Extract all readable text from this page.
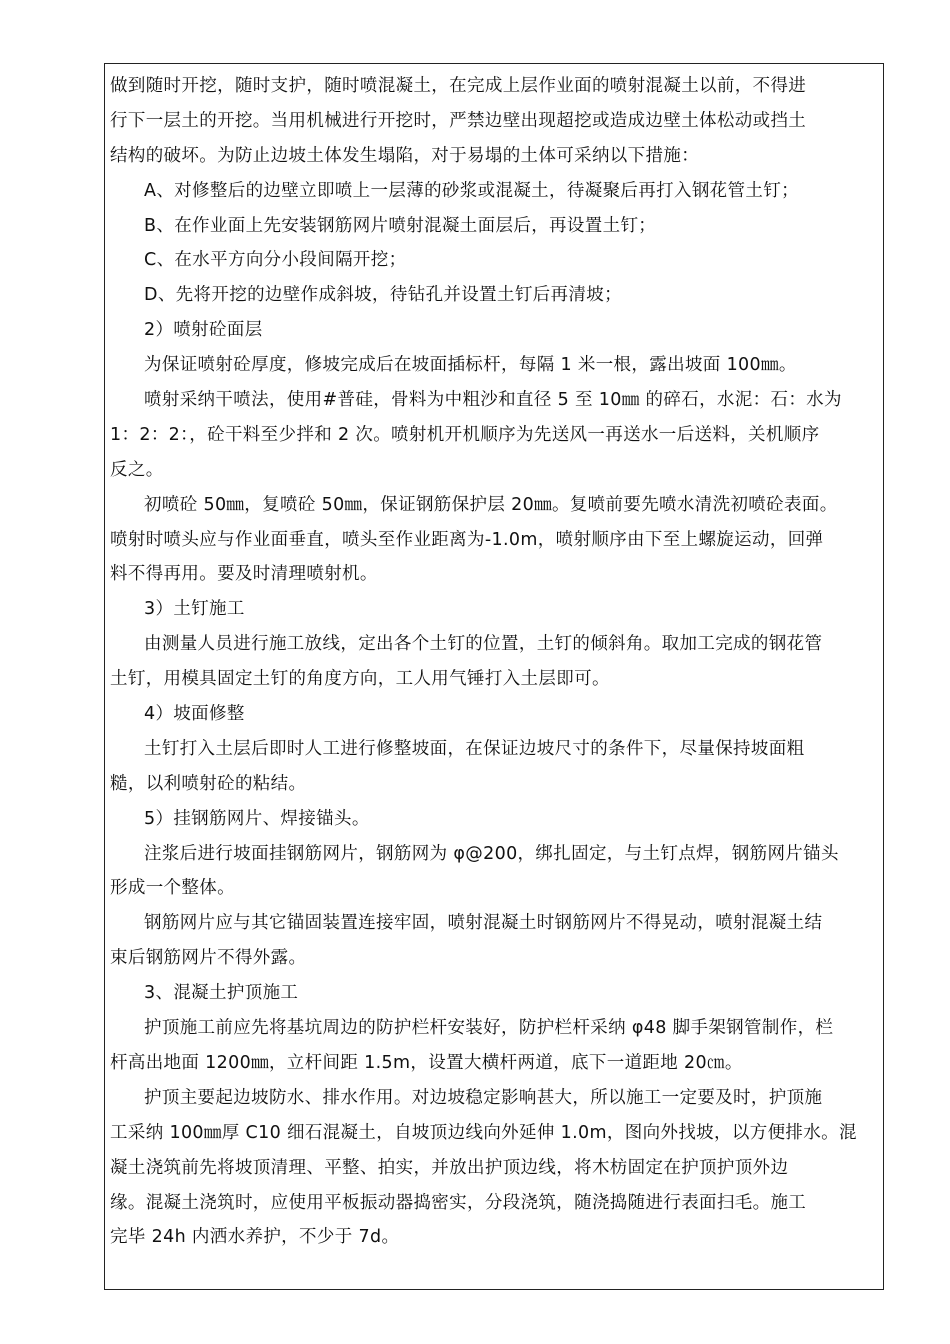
做到随时开挖，随时支护，随时喷混凝土，在完成上层作业面的喷射混凝土以前，不得进
行下一层土的开挖。当用机械进行开挖时，严禁边壁出现超挖或造成边壁土体松动或挡土
结构的破坏。为防止边坡土体发生塌陷，对于易塌的土体可采纳以下措施：
A、对修整后的边壁立即喷上一层薄的砂浆或混凝土，待凝聚后再打入钢花管土钉；
B、在作业面上先安装钢筋网片喷射混凝土面层后，再设置土钉；
C、在水平方向分小段间隔开挖；
D、先将开挖的边壁作成斜坡，待钻孔并设置土钉后再清坡；
2）喷射砼面层
为保证喷射砼厚度，修坡完成后在坡面插标杆，每隔 1 米一根，露出坡面 100㎜。
喷射采纳干喷法，使用#普硅，骨料为中粗沙和直径 5 至 10㎜ 的碎石，水泥：石：水为
1：2：2：，砼干料至少拌和 2 次。喷射机开机顺序为先送风一再送水一后送料，关机顺序
反之。
初喷砼 50㎜，复喷砼 50㎜，保证钢筋保护层 20㎜。复喷前要先喷水清洗初喷砼表面。
喷射时喷头应与作业面垂直，喷头至作业距离为-1.0m，喷射顺序由下至上螺旋运动，回弹
料不得再用。要及时清理喷射机。
3）土钉施工
由测量人员进行施工放线，定出各个土钉的位置，土钉的倾斜角。取加工完成的钢花管
土钉，用模具固定土钉的角度方向，工人用气锤打入土层即可。
4）坡面修整
土钉打入土层后即时人工进行修整坡面，在保证边坡尺寸的条件下，尽量保持坡面粗
糙，以利喷射砼的粘结。
5）挂钢筋网片、焊接锚头。
注浆后进行坡面挂钢筋网片，钢筋网为 φ@200，绑扎固定，与土钉点焊，钢筋网片锚头
形成一个整体。
钢筋网片应与其它锚固装置连接牢固，喷射混凝土时钢筋网片不得晃动，喷射混凝土结
束后钢筋网片不得外露。
3、混凝土护顶施工
护顶施工前应先将基坑周边的防护栏杆安装好，防护栏杆采纳 φ48 脚手架钢管制作，栏
杆高出地面 1200㎜，立杆间距 1.5m，设置大横杆两道，底下一道距地 20㎝。
护顶主要起边坡防水、排水作用。对边坡稳定影响甚大，所以施工一定要及时，护顶施
工采纳 100㎜厚 C10 细石混凝土，自坡顶边线向外延伸 1.0m，图向外找坡，以方便排水。混
凝土浇筑前先将坡顶清理、平整、拍实，并放出护顶边线，将木枋固定在护顶护顶外边
缘。混凝土浇筑时，应使用平板振动器捣密实，分段浇筑，随浇捣随进行表面扫毛。施工
完毕 24h 内洒水养护，不少于 7d。
